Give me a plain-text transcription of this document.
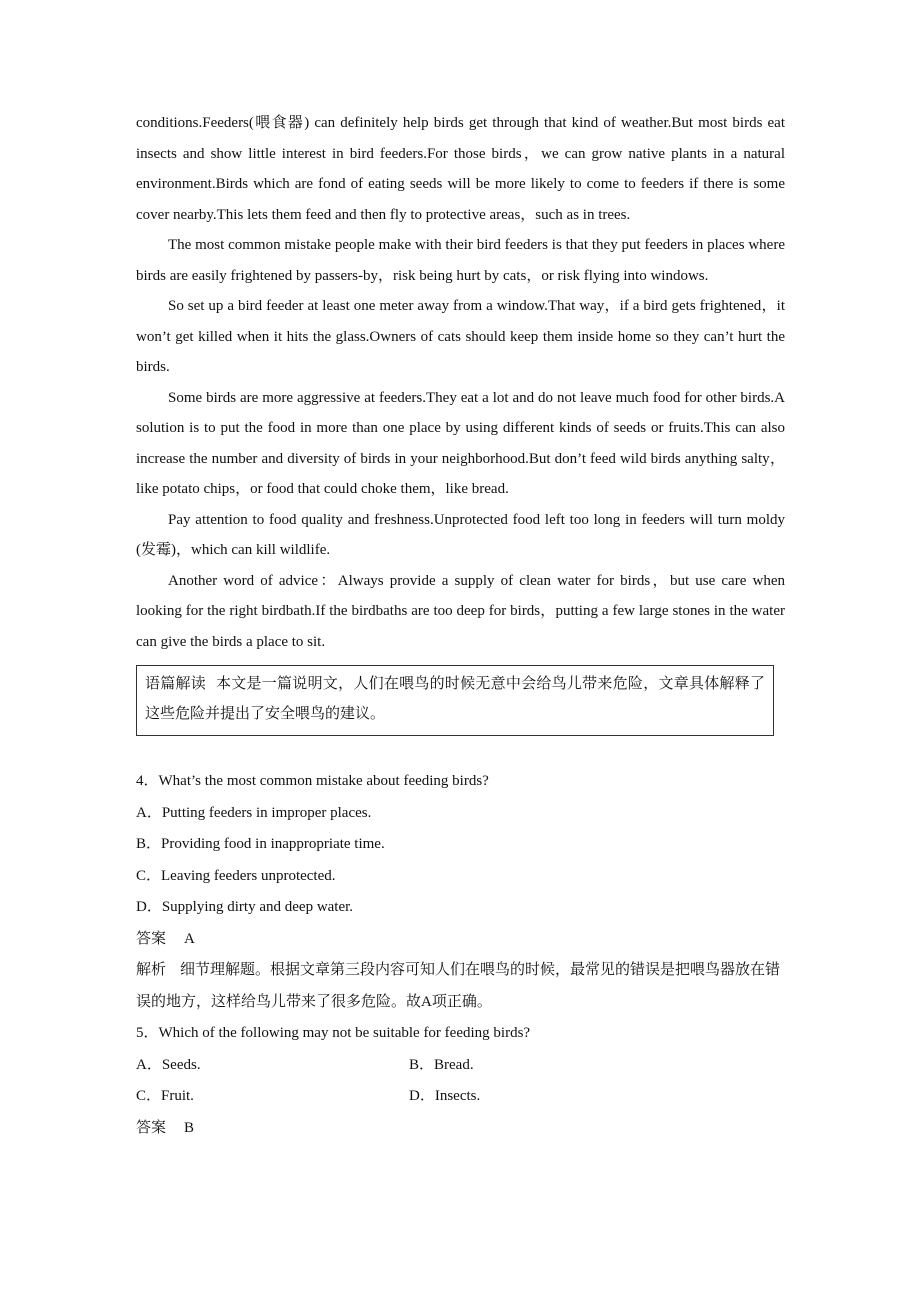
conditions.Feeders(喂食器) can definitely help birds get through that kind of weather.But most birds eat insects and show little interest in bird feeders.For those birds，we can grow native plants in a natural environment.Birds which are fond of eating seeds will be more likely to come to feeders if there is some cover nearby.This lets them feed and then fly to protective areas，such as in trees.

The most common mistake people make with their bird feeders is that they put feeders in places where birds are easily frightened by passers-by，risk being hurt by cats，or risk flying into windows.

So set up a bird feeder at least one meter away from a window.That way，if a bird gets frightened，it won’t get killed when it hits the glass.Owners of cats should keep them inside home so they can’t hurt the birds.

Some birds are more aggressive at feeders.They eat a lot and do not leave much food for other birds.A solution is to put the food in more than one place by using different kinds of seeds or fruits.This can also increase the number and diversity of birds in your neighborhood.But don’t feed wild birds anything salty，like potato chips，or food that could choke them，like bread.

Pay attention to food quality and freshness.Unprotected food left too long in feeders will turn moldy (发霉)，which can kill wildlife.

Another word of advice：Always provide a supply of clean water for birds，but use care when looking for the right birdbath.If the birdbaths are too deep for birds，putting a few large stones in the water can give the birds a place to sit.

语篇解读 本文是一篇说明文，人们在喂鸟的时候无意中会给鸟儿带来危险，文章具体解释了这些危险并提出了安全喂鸟的建议。

4．What’s the most common mistake about feeding birds?

A．Putting feeders in improper places.

B．Providing food in inappropriate time.

C．Leaving feeders unprotected.

D．Supplying dirty and deep water.

答案 A

解析 细节理解题。根据文章第三段内容可知人们在喂鸟的时候，最常见的错误是把喂鸟器放在错误的地方，这样给鸟儿带来了很多危险。故A项正确。

5．Which of the following may not be suitable for feeding birds?

A．Seeds.	B．Bread.
C．Fruit.	D．Insects.

答案 B
